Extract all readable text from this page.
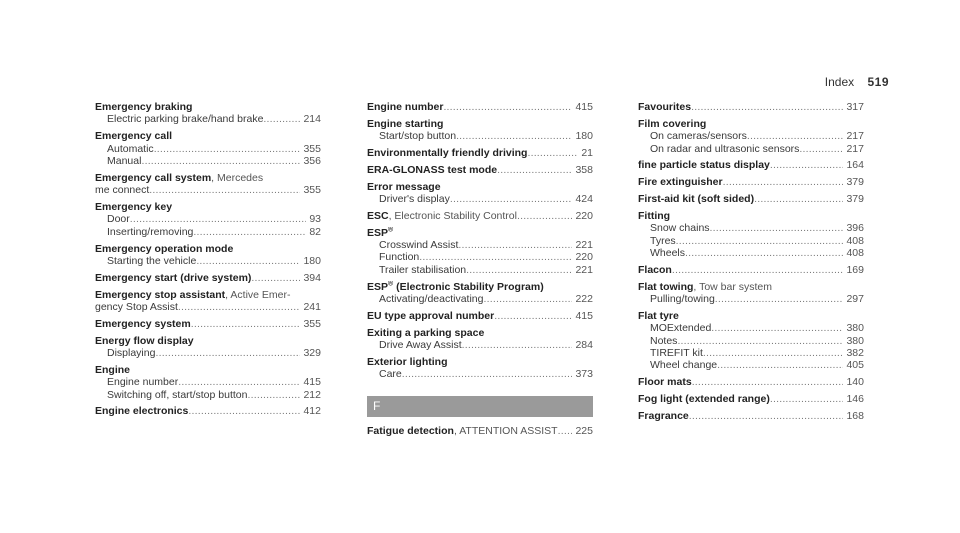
Index 519
Emergency braking
Electric parking brake/hand brake .....	214
Emergency call
Automatic .....	355
Manual .....	356
Emergency call system, Mercedes
me connect .....	355
Emergency key
Door .....	93
Inserting/removing .....	82
Emergency operation mode
Starting the vehicle .....	180
Emergency start (drive system) .....	394
Emergency stop assistant, Active Emer-
gency Stop Assist .....	241
Emergency system .....	355
Energy flow display
Displaying .....	329
Engine
Engine number .....	415
Switching off, start/stop button .....	212
Engine electronics .....	412
Engine number .....	415
Engine starting
Start/stop button .....	180
Environmentally friendly driving .....	21
ERA-GLONASS test mode .....	358
Error message
Driver's display .....	424
ESC, Electronic Stability Control .....	220
ESP®
Crosswind Assist .....	221
Function .....	220
Trailer stabilisation .....	221
ESP® (Electronic Stability Program)
Activating/deactivating .....	222
EU type approval number .....	415
Exiting a parking space
Drive Away Assist .....	284
Exterior lighting
Care .....	373
F
Fatigue detection, ATTENTION ASSIST ..... 225
Favourites .....	317
Film covering
On cameras/sensors .....	217
On radar and ultrasonic sensors .....	217
fine particle status display .....	164
Fire extinguisher .....	379
First-aid kit (soft sided) .....	379
Fitting
Snow chains .....	396
Tyres .....	408
Wheels .....	408
Flacon .....	169
Flat towing, Tow bar system
Pulling/towing .....	297
Flat tyre
MOExtended .....	380
Notes .....	380
TIREFIT kit .....	382
Wheel change .....	405
Floor mats .....	140
Fog light (extended range) .....	146
Fragrance .....	168
